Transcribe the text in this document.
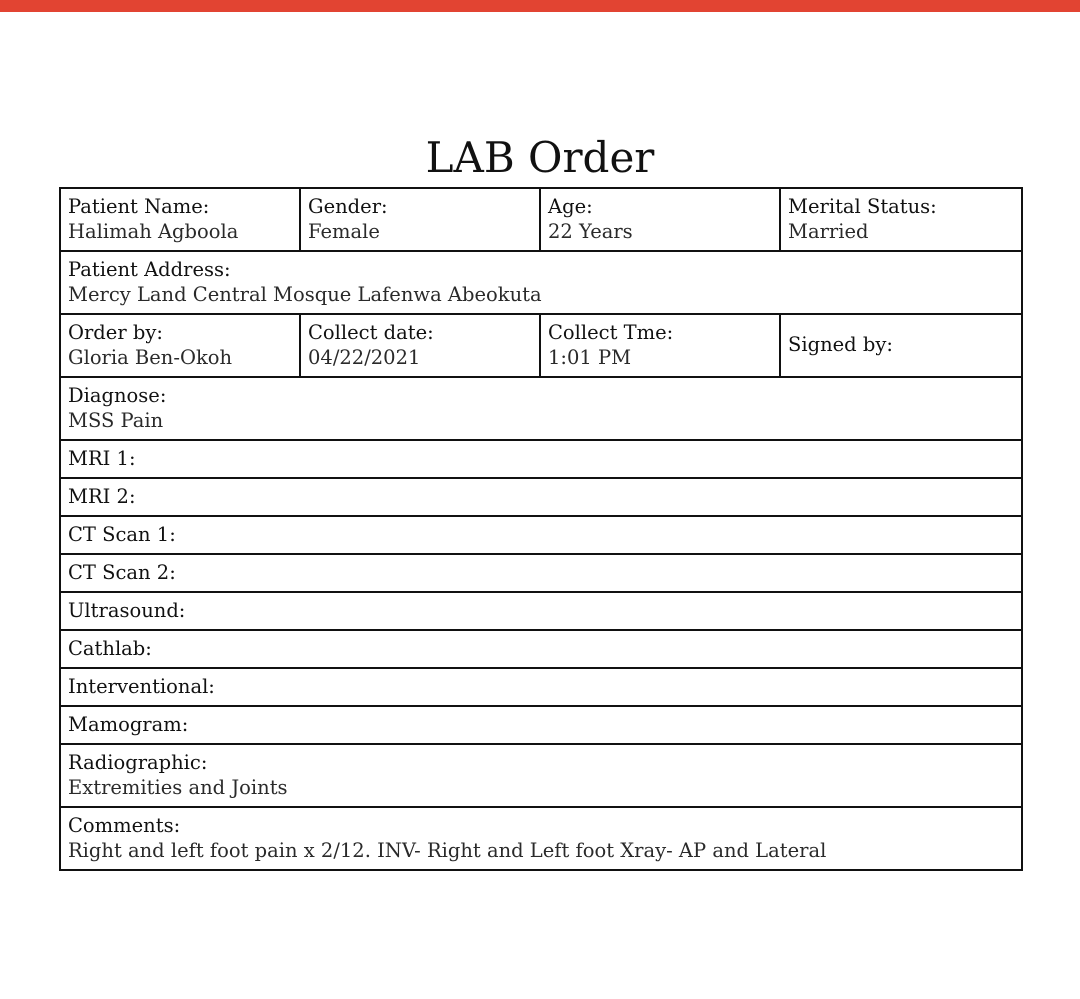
LAB Order
Patient Name:
Halimah Agboola	Gender:
Female	Age:
22 Years	Merital Status:
Married

Patient Address:
Mercy Land Central Mosque Lafenwa Abeokuta			

Order by:
Gloria Ben-Okoh	Collect date:
04/22/2021	Collect Tme:
1:01 PM	Signed by:

Diagnose:
MSS Pain			

MRI 1:			
MRI 2:			
CT Scan 1:			
CT Scan 2:			
Ultrasound:			
Cathlab:			
Interventional:			
Mamogram:			

Radiographic:
Extremities and Joints			

Comments:
Right and left foot pain x 2/12. INV- Right and Left foot Xray- AP and Lateral			
